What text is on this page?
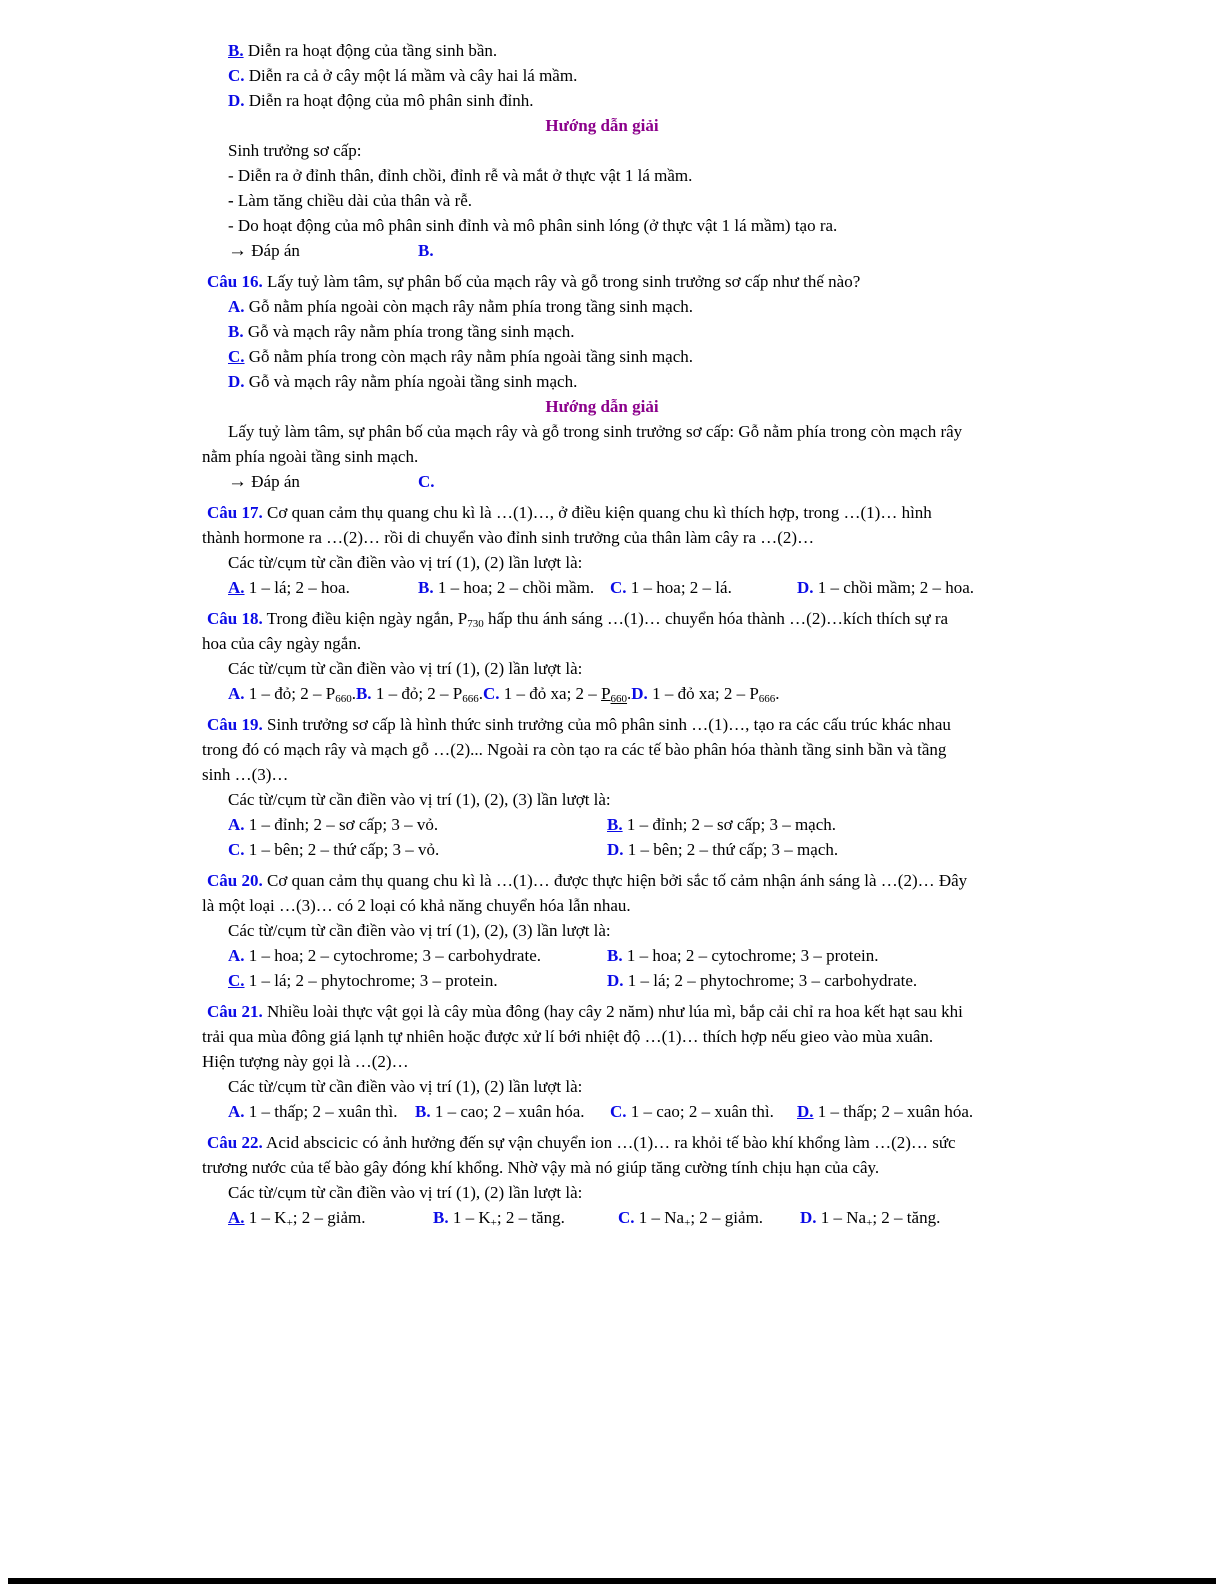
B. Diễn ra hoạt động của tầng sinh bần.
C. Diễn ra cả ở cây một lá mầm và cây hai lá mầm.
D. Diễn ra hoạt động của mô phân sinh đỉnh.
Hướng dẫn giải
Sinh trưởng sơ cấp:
- Diễn ra ở đỉnh thân, đỉnh chồi, đỉnh rễ và mắt ở thực vật 1 lá mầm.
- Làm tăng chiều dài của thân và rễ.
- Do hoạt động của mô phân sinh đỉnh và mô phân sinh lóng (ở thực vật 1 lá mầm) tạo ra.
→ Đáp án	B.
Câu 16. Lấy tuỷ làm tâm, sự phân bố của mạch rây và gỗ trong sinh trưởng sơ cấp như thế nào?
A. Gỗ nằm phía ngoài còn mạch rây nằm phía trong tầng sinh mạch.
B. Gỗ và mạch rây nằm phía trong tầng sinh mạch.
C. Gỗ nằm phía trong còn mạch rây nằm phía ngoài tầng sinh mạch.
D. Gỗ và mạch rây nằm phía ngoài tầng sinh mạch.
Hướng dẫn giải
Lấy tuỷ làm tâm, sự phân bố của mạch rây và gỗ trong sinh trưởng sơ cấp: Gỗ nằm phía trong còn mạch rây
nằm phía ngoài tầng sinh mạch.
→ Đáp án	C.
Câu 17. Cơ quan cảm thụ quang chu kì là …(1)…, ở điều kiện quang chu kì thích hợp, trong …(1)… hình
thành hormone ra …(2)… rồi di chuyển vào đỉnh sinh trưởng của thân làm cây ra …(2)…
Các từ/cụm từ cần điền vào vị trí (1), (2) lần lượt là:
A. 1 – lá; 2 – hoa.	B. 1 – hoa; 2 – chồi mầm. C. 1 – hoa; 2 – lá.	D. 1 – chồi mầm; 2 – hoa.
Câu 18. Trong điều kiện ngày ngắn, P730 hấp thu ánh sáng …(1)… chuyển hóa thành …(2)…kích thích sự ra
hoa của cây ngày ngắn.
Các từ/cụm từ cần điền vào vị trí (1), (2) lần lượt là:
A. 1 – đỏ; 2 – P660.B. 1 – đỏ; 2 – P666.C. 1 – đỏ xa; 2 – P660.D. 1 – đỏ xa; 2 – P666.
Câu 19. Sinh trưởng sơ cấp là hình thức sinh trưởng của mô phân sinh …(1)…, tạo ra các cấu trúc khác nhau
trong đó có mạch rây và mạch gỗ …(2)... Ngoài ra còn tạo ra các tế bào phân hóa thành tầng sinh bần và tầng
sinh …(3)…
Các từ/cụm từ cần điền vào vị trí (1), (2), (3) lần lượt là:
A. 1 – đỉnh; 2 – sơ cấp; 3 – vỏ.	B. 1 – đỉnh; 2 – sơ cấp; 3 – mạch.
C. 1 – bên; 2 – thứ cấp; 3 – vỏ.	D. 1 – bên; 2 – thứ cấp; 3 – mạch.
Câu 20. Cơ quan cảm thụ quang chu kì là …(1)… được thực hiện bởi sắc tố cảm nhận ánh sáng là …(2)… Đây
là một loại …(3)… có 2 loại có khả năng chuyển hóa lẫn nhau.
Các từ/cụm từ cần điền vào vị trí (1), (2), (3) lần lượt là:
A. 1 – hoa; 2 – cytochrome; 3 – carbohydrate.	B. 1 – hoa; 2 – cytochrome; 3 – protein.
C. 1 – lá; 2 – phytochrome; 3 – protein.	D. 1 – lá; 2 – phytochrome; 3 – carbohydrate.
Câu 21. Nhiều loài thực vật gọi là cây mùa đông (hay cây 2 năm) như lúa mì, bắp cải chỉ ra hoa kết hạt sau khi
trải qua mùa đông giá lạnh tự nhiên hoặc được xử lí bới nhiệt độ …(1)… thích hợp nếu gieo vào mùa xuân.
Hiện tượng này gọi là …(2)…
Các từ/cụm từ cần điền vào vị trí (1), (2) lần lượt là:
A. 1 – thấp; 2 – xuân thì. B. 1 – cao; 2 – xuân hóa. C. 1 – cao; 2 – xuân thì. D. 1 – thấp; 2 – xuân hóa.
Câu 22. Acid abscicic có ảnh hưởng đến sự vận chuyển ion …(1)… ra khỏi tế bào khí khổng làm …(2)… sức
trương nước của tế bào gây đóng khí khổng. Nhờ vậy mà nó giúp tăng cường tính chịu hạn của cây.
Các từ/cụm từ cần điền vào vị trí (1), (2) lần lượt là:
A. 1 – K+; 2 – giảm.	B. 1 – K+; 2 – tăng.	C. 1 – Na+; 2 – giảm. D. 1 – Na+; 2 – tăng.
